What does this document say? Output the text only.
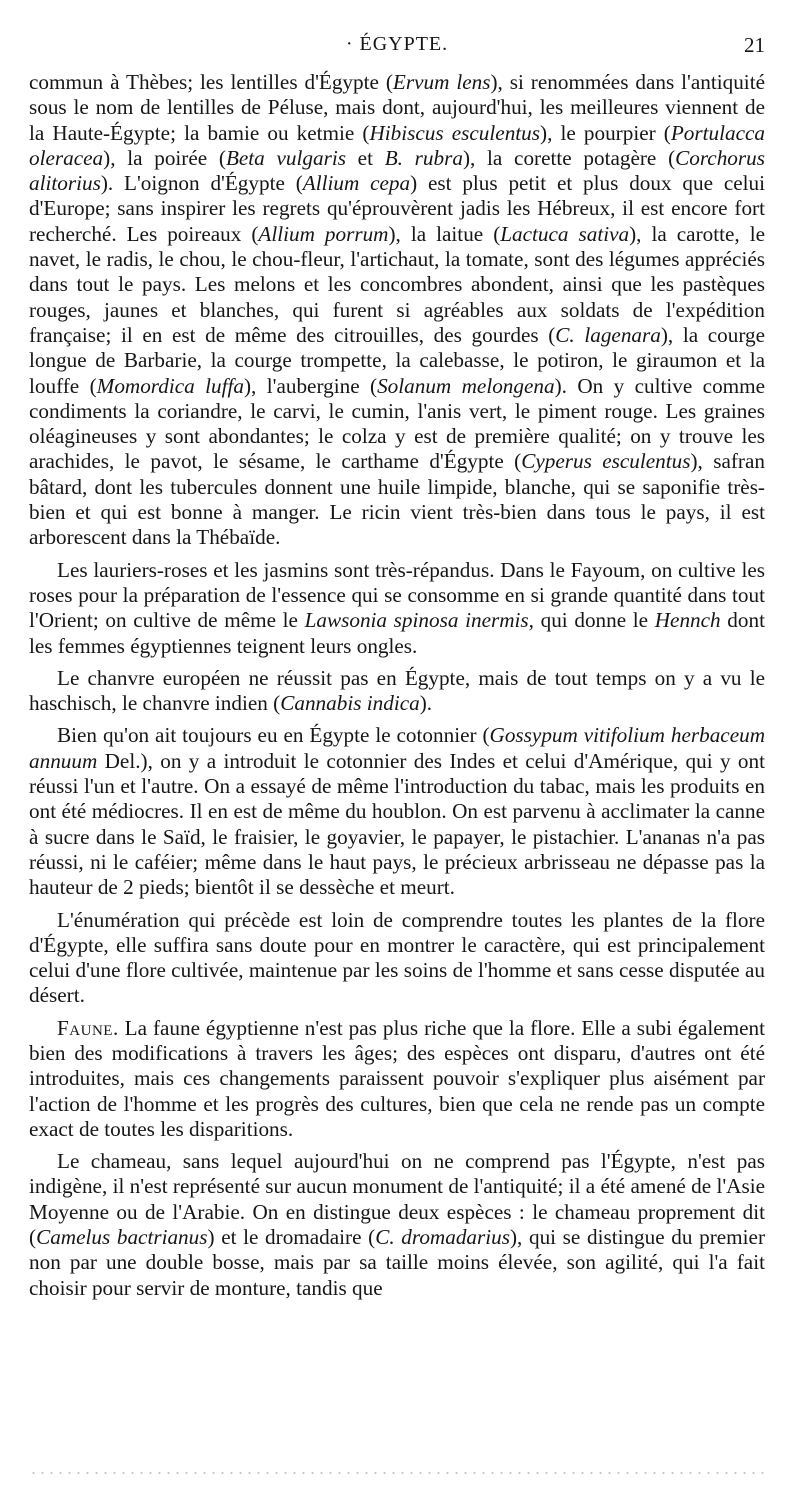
· ÉGYPTE.	21

commun à Thèbes; les lentilles d'Égypte (Ervum lens), si renommées dans l'antiquité sous le nom de lentilles de Péluse, mais dont, aujourd'hui, les meilleures viennent de la Haute-Égypte; la bamie ou ketmie (Hibiscus esculentus), le pourpier (Portulacca oleracea), la poirée (Beta vulgaris et B. rubra), la corette potagère (Corchorus alitorius). L'oignon d'Égypte (Allium cepa) est plus petit et plus doux que celui d'Europe; sans inspirer les regrets qu'éprouvèrent jadis les Hébreux, il est encore fort recherché. Les poireaux (Allium porrum), la laitue (Lactuca sativa), la carotte, le navet, le radis, le chou, le chou-fleur, l'artichaut, la tomate, sont des légumes appréciés dans tout le pays. Les melons et les concombres abondent, ainsi que les pastèques rouges, jaunes et blanches, qui furent si agréables aux soldats de l'expédition française; il en est de même des citrouilles, des gourdes (C. lagenara), la courge longue de Barbarie, la courge trompette, la calebasse, le potiron, le giraumon et la louffe (Momordica luffa), l'aubergine (Solanum melongena). On y cultive comme condiments la coriandre, le carvi, le cumin, l'anis vert, le piment rouge. Les graines oléagineuses y sont abondantes; le colza y est de première qualité; on y trouve les arachides, le pavot, le sésame, le carthame d'Égypte (Cyperus esculentus), safran bâtard, dont les tubercules donnent une huile limpide, blanche, qui se saponifie très-bien et qui est bonne à manger. Le ricin vient très-bien dans tous le pays, il est arborescent dans la Thébaïde.

Les lauriers-roses et les jasmins sont très-répandus. Dans le Fayoum, on cultive les roses pour la préparation de l'essence qui se consomme en si grande quantité dans tout l'Orient; on cultive de même le Lawsonia spinosa inermis, qui donne le Hennch dont les femmes égyptiennes teignent leurs ongles.

Le chanvre européen ne réussit pas en Égypte, mais de tout temps on y a vu le haschisch, le chanvre indien (Cannabis indica).

Bien qu'on ait toujours eu en Égypte le cotonnier (Gossypum vitifolium herbaceum annuum Del.), on y a introduit le cotonnier des Indes et celui d'Amérique, qui y ont réussi l'un et l'autre. On a essayé de même l'introduction du tabac, mais les produits en ont été médiocres. Il en est de même du houblon. On est parvenu à acclimater la canne à sucre dans le Saïd, le fraisier, le goyavier, le papayer, le pistachier. L'ananas n'a pas réussi, ni le caféier; même dans le haut pays, le précieux arbrisseau ne dépasse pas la hauteur de 2 pieds; bientôt il se dessèche et meurt.

L'énumération qui précède est loin de comprendre toutes les plantes de la flore d'Égypte, elle suffira sans doute pour en montrer le caractère, qui est principalement celui d'une flore cultivée, maintenue par les soins de l'homme et sans cesse disputée au désert.

Faune. La faune égyptienne n'est pas plus riche que la flore. Elle a subi également bien des modifications à travers les âges; des espèces ont disparu, d'autres ont été introduites, mais ces changements paraissent pouvoir s'expliquer plus aisément par l'action de l'homme et les progrès des cultures, bien que cela ne rende pas un compte exact de toutes les disparitions.

Le chameau, sans lequel aujourd'hui on ne comprend pas l'Égypte, n'est pas indigène, il n'est représenté sur aucun monument de l'antiquité; il a été amené de l'Asie Moyenne ou de l'Arabie. On en distingue deux espèces : le chameau proprement dit (Camelus bactrianus) et le dromadaire (C. dromadarius), qui se distingue du premier non par une double bosse, mais par sa taille moins élevée, son agilité, qui l'a fait choisir pour servir de monture, tandis que
